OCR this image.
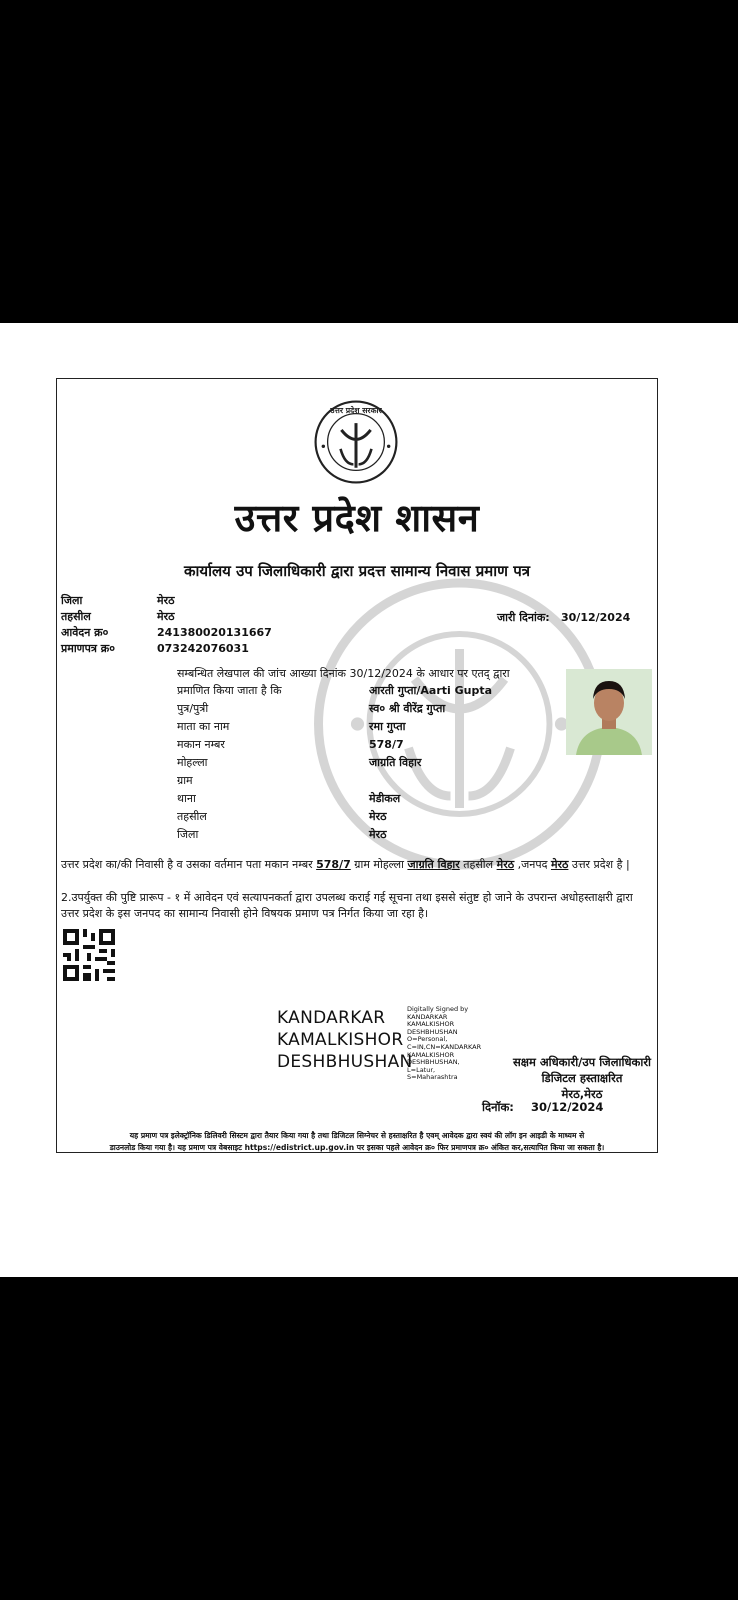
उत्तर प्रदेश सरकार
उत्तर प्रदेश शासन
कार्यालय उप जिलाधिकारी द्वारा प्रदत्त सामान्य निवास प्रमाण पत्र
जिला	मेरठ
तहसील	मेरठ
आवेदन क्र०	241380020131667
प्रमाणपत्र क्र०	073242076031
जारी दिनांक: 30/12/2024
सम्बन्धित लेखपाल की जांच आख्या दिनांक 30/12/2024 के आधार पर एतद् द्वारा
प्रमाणित किया जाता है कि	आरती गुप्ता/Aarti Gupta
पुत्र/पुत्री	स्व० श्री वीरेंद्र गुप्ता
माता का नाम	रमा गुप्ता
मकान नम्बर	578/7
मोहल्ला	जाग्रति विहार
ग्राम
थाना	मेडीकल
तहसील	मेरठ
जिला	मेरठ
उत्तर प्रदेश का/की निवासी है व उसका वर्तमान पता मकान नम्बर 578/7 ग्राम मोहल्ला जाग्रति विहार तहसील मेरठ ,जनपद मेरठ उत्तर प्रदेश है |
2.उपर्युक्त की पुष्टि प्रारूप - १ में आवेदन एवं सत्यापनकर्ता द्वारा उपलब्ध कराई गई सूचना तथा इससे संतुष्ट हो जाने के उपरान्त अधोहस्ताक्षरी द्वारा उत्तर प्रदेश के इस जनपद का सामान्य निवासी होने विषयक प्रमाण पत्र निर्गत किया जा रहा है।
KANDARKAR
KAMALKISHOR
DESHBHUSHAN
Digitally Signed by
KANDARKAR
KAMALKISHOR
DESHBHUSHAN
O=Personal,
C=IN,CN=KANDARKAR
KAMALKISHOR
DESHBHUSHAN,
L=Latur,
S=Maharashtra
सक्षम अधिकारी/उप जिलाधिकारी
डिजिटल हस्ताक्षरित
मेरठ,मेरठ
दिनॉक: 30/12/2024
यह प्रमाण पत्र इलेक्ट्रॉनिक डिलिवरी सिस्टम द्वारा तैयार किया गया है तथा डिजिटल सिग्नेचर से हस्ताक्षरित है एवम् आवेदक द्वारा स्वयं की लॉग इन आइडी के माध्यम से
डाउनलोड किया गया है। यह प्रमाण पत्र वेबसाइट https://edistrict.up.gov.in पर इसका पहले आवेदन क्र० फिर प्रमाणपत्र क्र० अंकित कर,सत्यापित किया जा सकता है।
